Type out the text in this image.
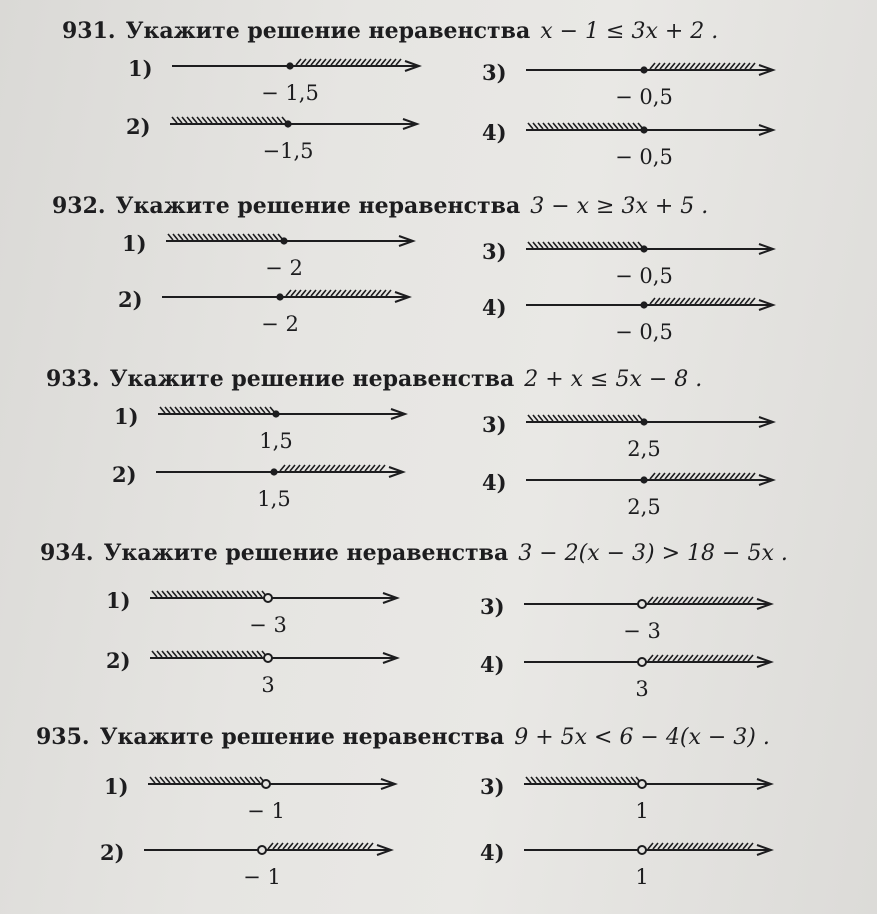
931. Укажите решение неравенства x − 1 ≤ 3x + 2 .
1)
− 1,5
2)
−1,5
3)
− 0,5
4)
− 0,5
932. Укажите решение неравенства 3 − x ≥ 3x + 5 .
1)
− 2
2)
− 2
3)
− 0,5
4)
− 0,5
933. Укажите решение неравенства 2 + x ≤ 5x − 8 .
1)
1,5
2)
1,5
3)
2,5
4)
2,5
934. Укажите решение неравенства 3 − 2(x − 3) > 18 − 5x .
1)
− 3
2)
3
3)
− 3
4)
3
935. Укажите решение неравенства 9 + 5x < 6 − 4(x − 3) .
1)
− 1
2)
− 1
3)
1
4)
1
